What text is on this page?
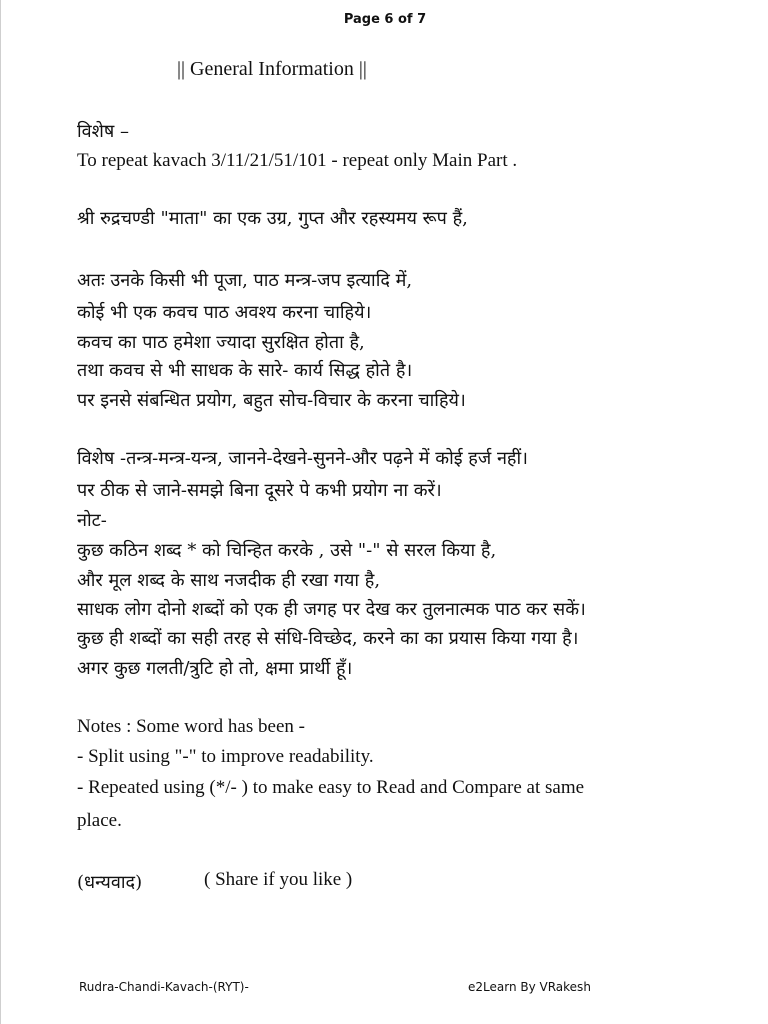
Page 6 of 7
|| General Information ||
विशेष –
To repeat kavach 3/11/21/51/101 - repeat only Main Part .
श्री रुद्रचण्डी "माता" का एक उग्र, गुप्त और रहस्यमय रूप हैं,
अतः उनके किसी भी पूजा, पाठ मन्त्र-जप इत्यादि में,
कोई भी एक कवच पाठ अवश्य करना चाहिये।
कवच का पाठ हमेशा ज्यादा सुरक्षित होता है,
तथा कवच से भी साधक के सारे- कार्य सिद्ध होते है।
पर इनसे संबन्धित प्रयोग, बहुत सोच-विचार के करना चाहिये।
विशेष -तन्त्र-मन्त्र-यन्त्र, जानने-देखने-सुनने-और पढ़ने में कोई हर्ज नहीं।
पर ठीक से जाने-समझे बिना दूसरे पे कभी प्रयोग ना करें।
नोट-
कुछ कठिन शब्द * को चिन्हित करके , उसे "-" से सरल किया है,
और मूल शब्द के साथ नजदीक ही रखा गया है,
साधक लोग दोनो शब्दों को एक ही जगह पर देख कर तुलनात्मक पाठ कर सकें।
कुछ ही शब्दों का सही तरह से संधि-विच्छेद, करने का का प्रयास किया गया है।
अगर कुछ गलती/त्रुटि हो तो, क्षमा प्रार्थी हूँ।
Notes : Some word has been -
- Split using "-" to improve readability.
- Repeated using (*/- ) to make easy to Read and Compare at same
place.
(धन्यवाद)	( Share if you like )
Rudra-Chandi-Kavach-(RYT)-	e2Learn By VRakesh
